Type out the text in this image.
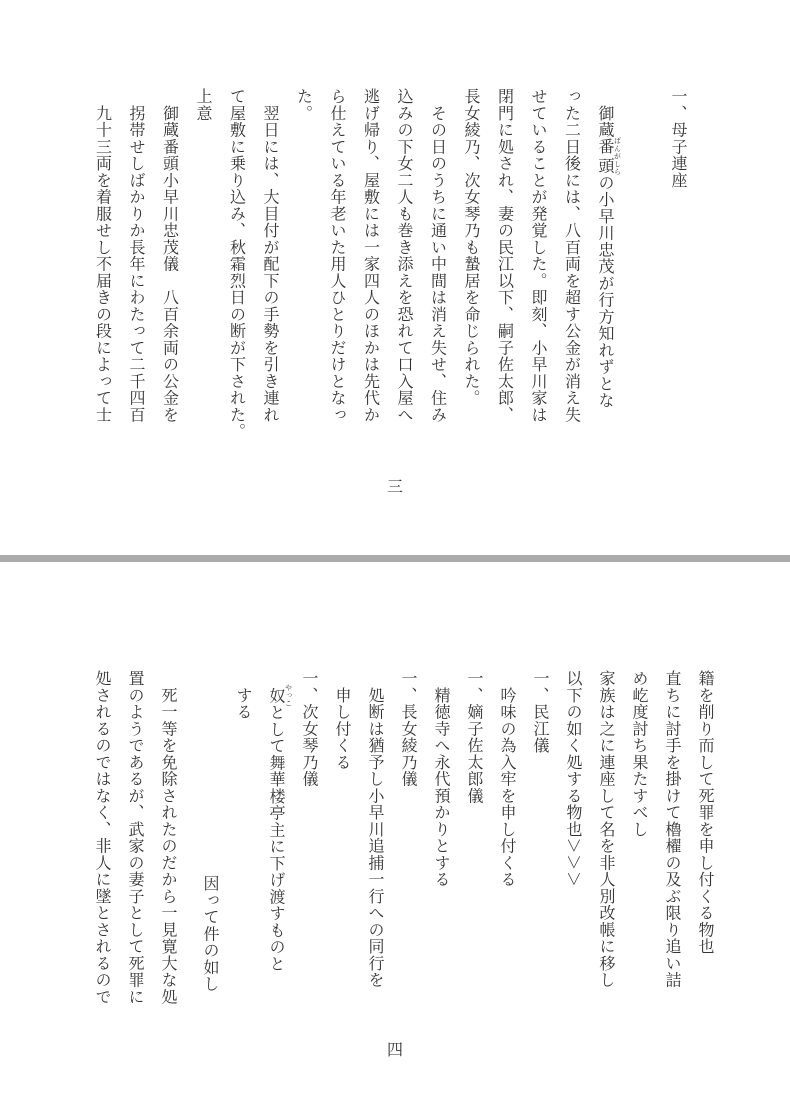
一、母子連座
　御蔵番頭ばんがしらの小早川忠茂が行方知れずとな
った二日後には、八百両を超す公金が消え失
せていることが発覚した。即刻、小早川家は
閉門に処され、妻の民江以下、嗣子佐太郎、
長女綾乃、次女琴乃も蟄居を命じられた。
　その日のうちに通い中間は消え失せ、住み
込みの下女二人も巻き添えを恐れて口入屋へ
逃げ帰り、屋敷には一家四人のほかは先代か
ら仕えている年老いた用人ひとりだけとなっ
た。
　翌日には、大目付が配下の手勢を引き連れ
て屋敷に乗り込み、秋霜烈日の断が下された。
上意
　御蔵番頭小早川忠茂儀　八百余両の公金を
　拐帯せしばかりか長年にわたって二千四百
　九十三両を着服せし不届きの段によって士
三
籍を削り而して死罪を申し付くる物也
直ちに討手を掛けて櫓櫂の及ぶ限り追い詰
め屹度討ち果たすべし
家族は之に連座して名を非人別改帳に移し
以下の如く処する物也＞＞＞
一、民江儀
　吟味の為入牢を申し付くる
一、嫡子佐太郎儀
　精徳寺へ永代預かりとする
一、長女綾乃儀
　処断は猶予し小早川追捕一行への同行を
　申し付くる
一、次女琴乃儀
　奴やっことして舞華楼亭主に下げ渡すものと
　する
因って件の如し
　死一等を免除されたのだから一見寛大な処
置のようであるが、武家の妻子として死罪に
処されるのではなく、非人に墜とされるので
四
